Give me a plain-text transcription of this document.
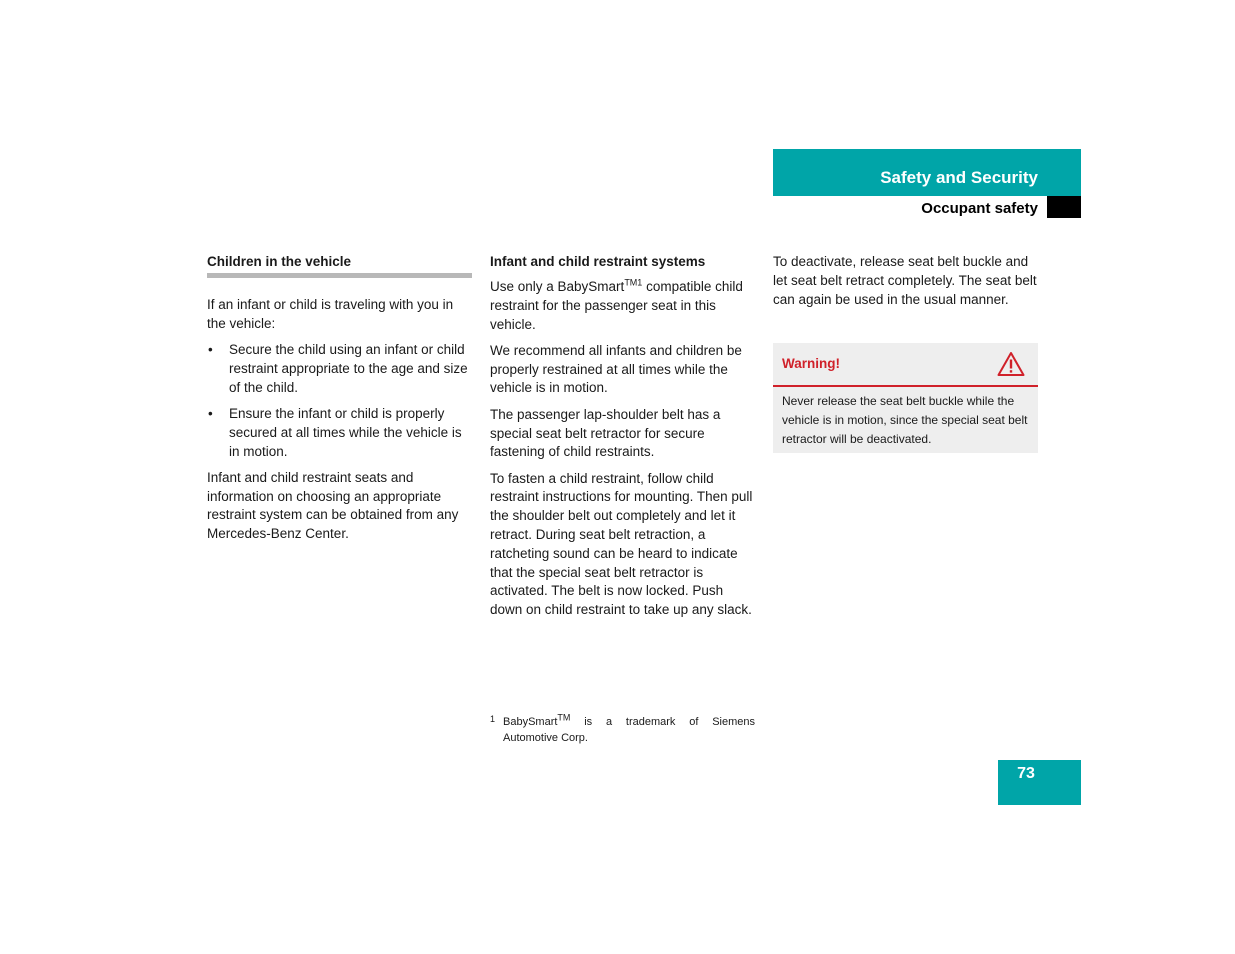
Safety and Security
Occupant safety
Children in the vehicle

If an infant or child is traveling with you in the vehicle:

• Secure the child using an infant or child restraint appropriate to the age and size of the child.
• Ensure the infant or child is properly secured at all times while the vehicle is in motion.

Infant and child restraint seats and information on choosing an appropriate restraint system can be obtained from any Mercedes-Benz Center.

Infant and child restraint systems

Use only a BabySmart$^{TM1}$ compatible child restraint for the passenger seat in this vehicle.

We recommend all infants and children be properly restrained at all times while the vehicle is in motion.

The passenger lap-shoulder belt has a special seat belt retractor for secure fastening of child restraints.

To fasten a child restraint, follow child restraint instructions for mounting. Then pull the shoulder belt out completely and let it retract. During seat belt retraction, a ratcheting sound can be heard to indicate that the special seat belt retractor is activated. The belt is now locked. Push down on child restraint to take up any slack.

To deactivate, release seat belt buckle and let seat belt retract completely. The seat belt can again be used in the usual manner.

Warning!
Never release the seat belt buckle while the vehicle is in motion, since the special seat belt retractor will be deactivated.
1 BabySmart™ is a trademark of Siemens Automotive Corp.
73
